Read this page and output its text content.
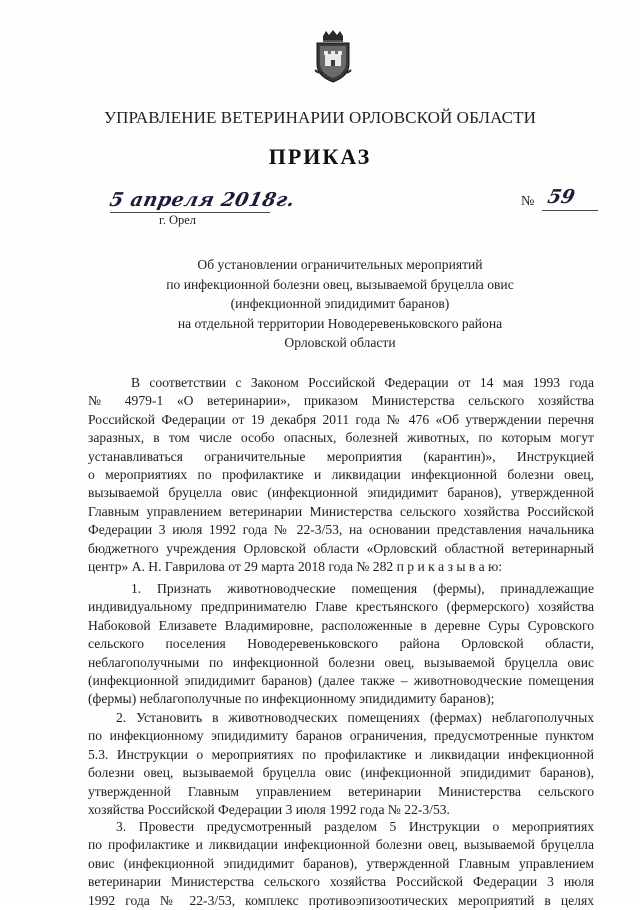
УПРАВЛЕНИЕ ВЕТЕРИНАРИИ ОРЛОВСКОЙ ОБЛАСТИ
ПРИКАЗ
5 апреля 2018г.
г. Орел
№ 59
Об установлении ограничительных мероприятий
по инфекционной болезни овец, вызываемой бруцелла овис
(инфекционной эпидидимит баранов)
на отдельной территории Новодеревеньковского района
Орловской области
В соответствии с Законом Российской Федерации от 14 мая 1993 года
№ 4979-1 «О ветеринарии», приказом Министерства сельского хозяйства
Российской Федерации от 19 декабря 2011 года № 476 «Об утверждении перечня
заразных, в том числе особо опасных, болезней животных, по которым могут
устанавливаться ограничительные мероприятия (карантин)», Инструкцией
о мероприятиях по профилактике и ликвидации инфекционной болезни овец,
вызываемой бруцелла овис (инфекционной эпидидимит баранов), утвержденной
Главным управлением ветеринарии Министерства сельского хозяйства Российской
Федерации 3 июля 1992 года № 22-3/53, на основании представления начальника
бюджетного учреждения Орловской области «Орловский областной ветеринарный
центр» А. Н. Гаврилова от 29 марта 2018 года № 282 п р и к а з ы в а ю:
1. Признать животноводческие помещения (фермы), принадлежащие
индивидуальному предпринимателю Главе крестьянского (фермерского) хозяйства
Набоковой Елизавете Владимировне, расположенные в деревне Суры Суровского
сельского поселения Новодеревеньковского района Орловской области,
неблагополучными по инфекционной болезни овец, вызываемой бруцелла овис
(инфекционной эпидидимит баранов) (далее также – животноводческие помещения
(фермы) неблагополучные по инфекционному эпидидимиту баранов);
2. Установить в животноводческих помещениях (фермах) неблагополучных
по инфекционному эпидидимиту баранов ограничения, предусмотренные пунктом
5.3. Инструкции о мероприятиях по профилактике и ликвидации инфекционной
болезни овец, вызываемой бруцелла овис (инфекционной эпидидимит баранов),
утвержденной Главным управлением ветеринарии Министерства сельского
хозяйства Российской Федерации 3 июля 1992 года № 22-3/53.
3. Провести предусмотренный разделом 5 Инструкции о мероприятиях
по профилактике и ликвидации инфекционной болезни овец, вызываемой бруцелла
овис (инфекционной эпидидимит баранов), утвержденной Главным управлением
ветеринарии Министерства сельского хозяйства Российской Федерации 3 июля
1992 года № 22-3/53, комплекс противоэпизоотических мероприятий в целях
